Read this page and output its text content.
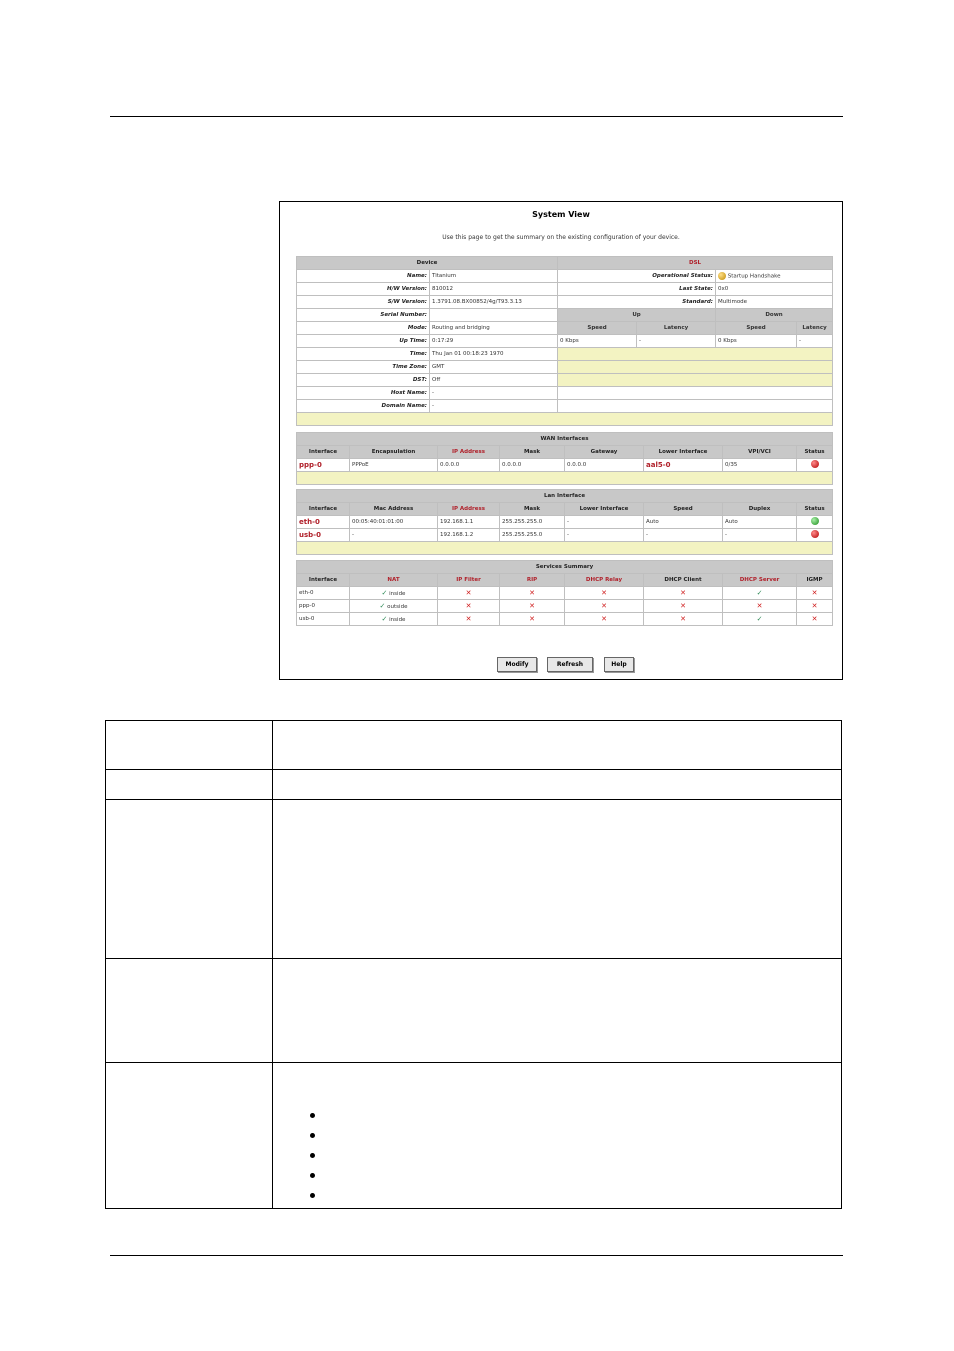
System View
Use this page to get the summary on the existing configuration of your device.
Device		DSL			
Name:	Titanium	Operational Status:		Startup Handshake	
H/W Version:	810012	Last State:		0x0	
S/W Version:	1.3791.08.BX00852/4g/T93.3.13	Standard:		Multimode	
Serial Number:		Up		Down	
Mode:	Routing and bridging	Speed	Latency	Speed	Latency
Up Time:	0:17:29	0 Kbps	-	0 Kbps	-
Time:	Thu Jan 01 00:18:23 1970				
Time Zone:	GMT				
DST:	Off				
Host Name:	-				
Domain Name:	-				

WAN Interfaces							
Interface	Encapsulation	IP Address	Mask	Gateway	Lower Interface	VPI/VCI	Status
ppp-0	PPPoE	0.0.0.0	0.0.0.0	0.0.0.0	aal5-0	0/35	

Lan Interface							
Interface	Mac Address	IP Address	Mask	Lower Interface	Speed	Duplex	Status
eth-0	00:05:40:01:01:00	192.168.1.1	255.255.255.0	-	Auto	Auto	
usb-0	-	192.168.1.2	255.255.255.0	-	-	-	

Services Summary							
Interface	NAT	IP Filter	RIP	DHCP Relay	DHCP Client	DHCP Server	IGMP
eth-0	✓ inside	✕	✕	✕	✕	✓	✕
ppp-0	✓ outside	✕	✕	✕	✕	✕	✕
usb-0	✓ inside	✕	✕	✕	✕	✓	✕
Modify	Refresh	Help
